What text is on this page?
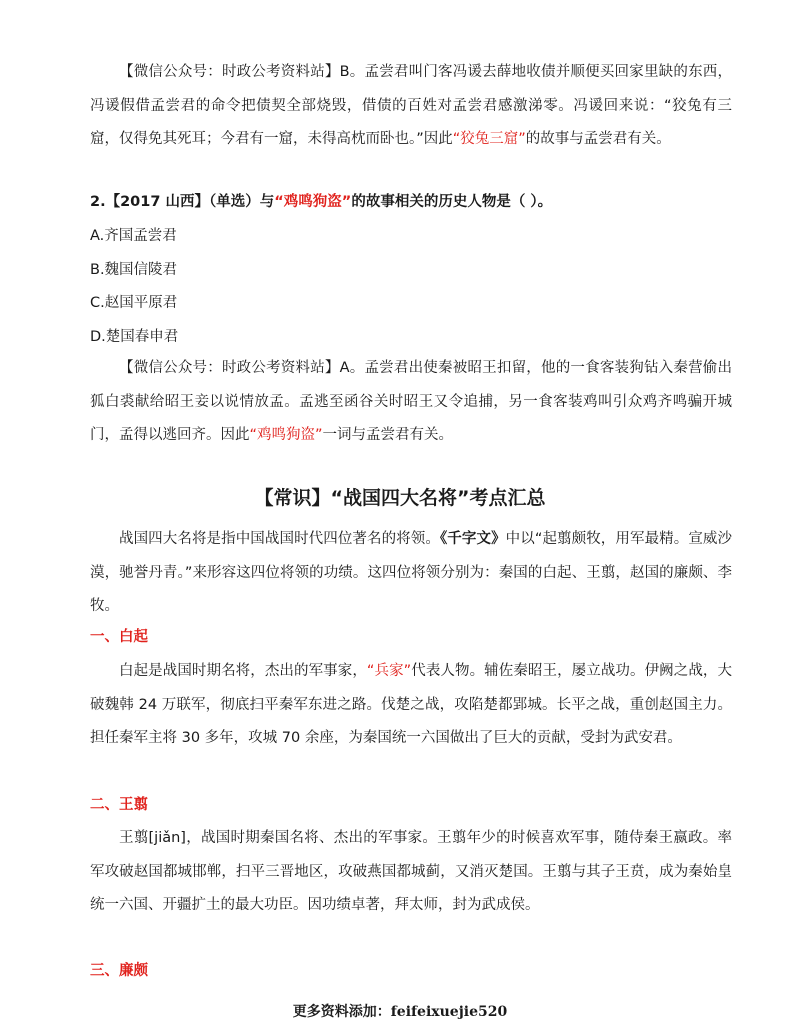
【微信公众号：时政公考资料站】B。孟尝君叫门客冯谖去薛地收债并顺便买回家里缺的东西，冯谖假借孟尝君的命令把债契全部烧毁，借债的百姓对孟尝君感激涕零。冯谖回来说：“狡兔有三窟，仅得免其死耳；今君有一窟，未得高枕而卧也。”因此“狡兔三窟”的故事与孟尝君有关。

2.【2017 山西】（单选）与“鸡鸣狗盗”的故事相关的历史人物是（ ）。

A.齐国孟尝君

B.魏国信陵君

C.赵国平原君

D.楚国春申君

【微信公众号：时政公考资料站】A。孟尝君出使秦被昭王扣留，他的一食客装狗钻入秦营偷出狐白裘献给昭王妾以说情放孟。孟逃至函谷关时昭王又令追捕，另一食客装鸡叫引众鸡齐鸣骗开城门，孟得以逃回齐。因此“鸡鸣狗盗”一词与孟尝君有关。

【常识】“战国四大名将”考点汇总

战国四大名将是指中国战国时代四位著名的将领。《千字文》中以“起翦颇牧，用军最精。宣威沙漠，驰誉丹青。”来形容这四位将领的功绩。这四位将领分别为：秦国的白起、王翦，赵国的廉颇、李牧。

一、白起

白起是战国时期名将，杰出的军事家，“兵家”代表人物。辅佐秦昭王，屡立战功。伊阙之战，大破魏韩 24 万联军，彻底扫平秦军东进之路。伐楚之战，攻陷楚都郢城。长平之战，重创赵国主力。担任秦军主将 30 多年，攻城 70 余座，为秦国统一六国做出了巨大的贡献，受封为武安君。

二、王翦

王翦[jiǎn]，战国时期秦国名将、杰出的军事家。王翦年少的时候喜欢军事，随侍秦王嬴政。率军攻破赵国都城邯郸，扫平三晋地区，攻破燕国都城蓟，又消灭楚国。王翦与其子王贲，成为秦始皇统一六国、开疆扩土的最大功臣。因功绩卓著，拜太师，封为武成侯。

三、廉颇

更多资料添加：feifeixuejie520
